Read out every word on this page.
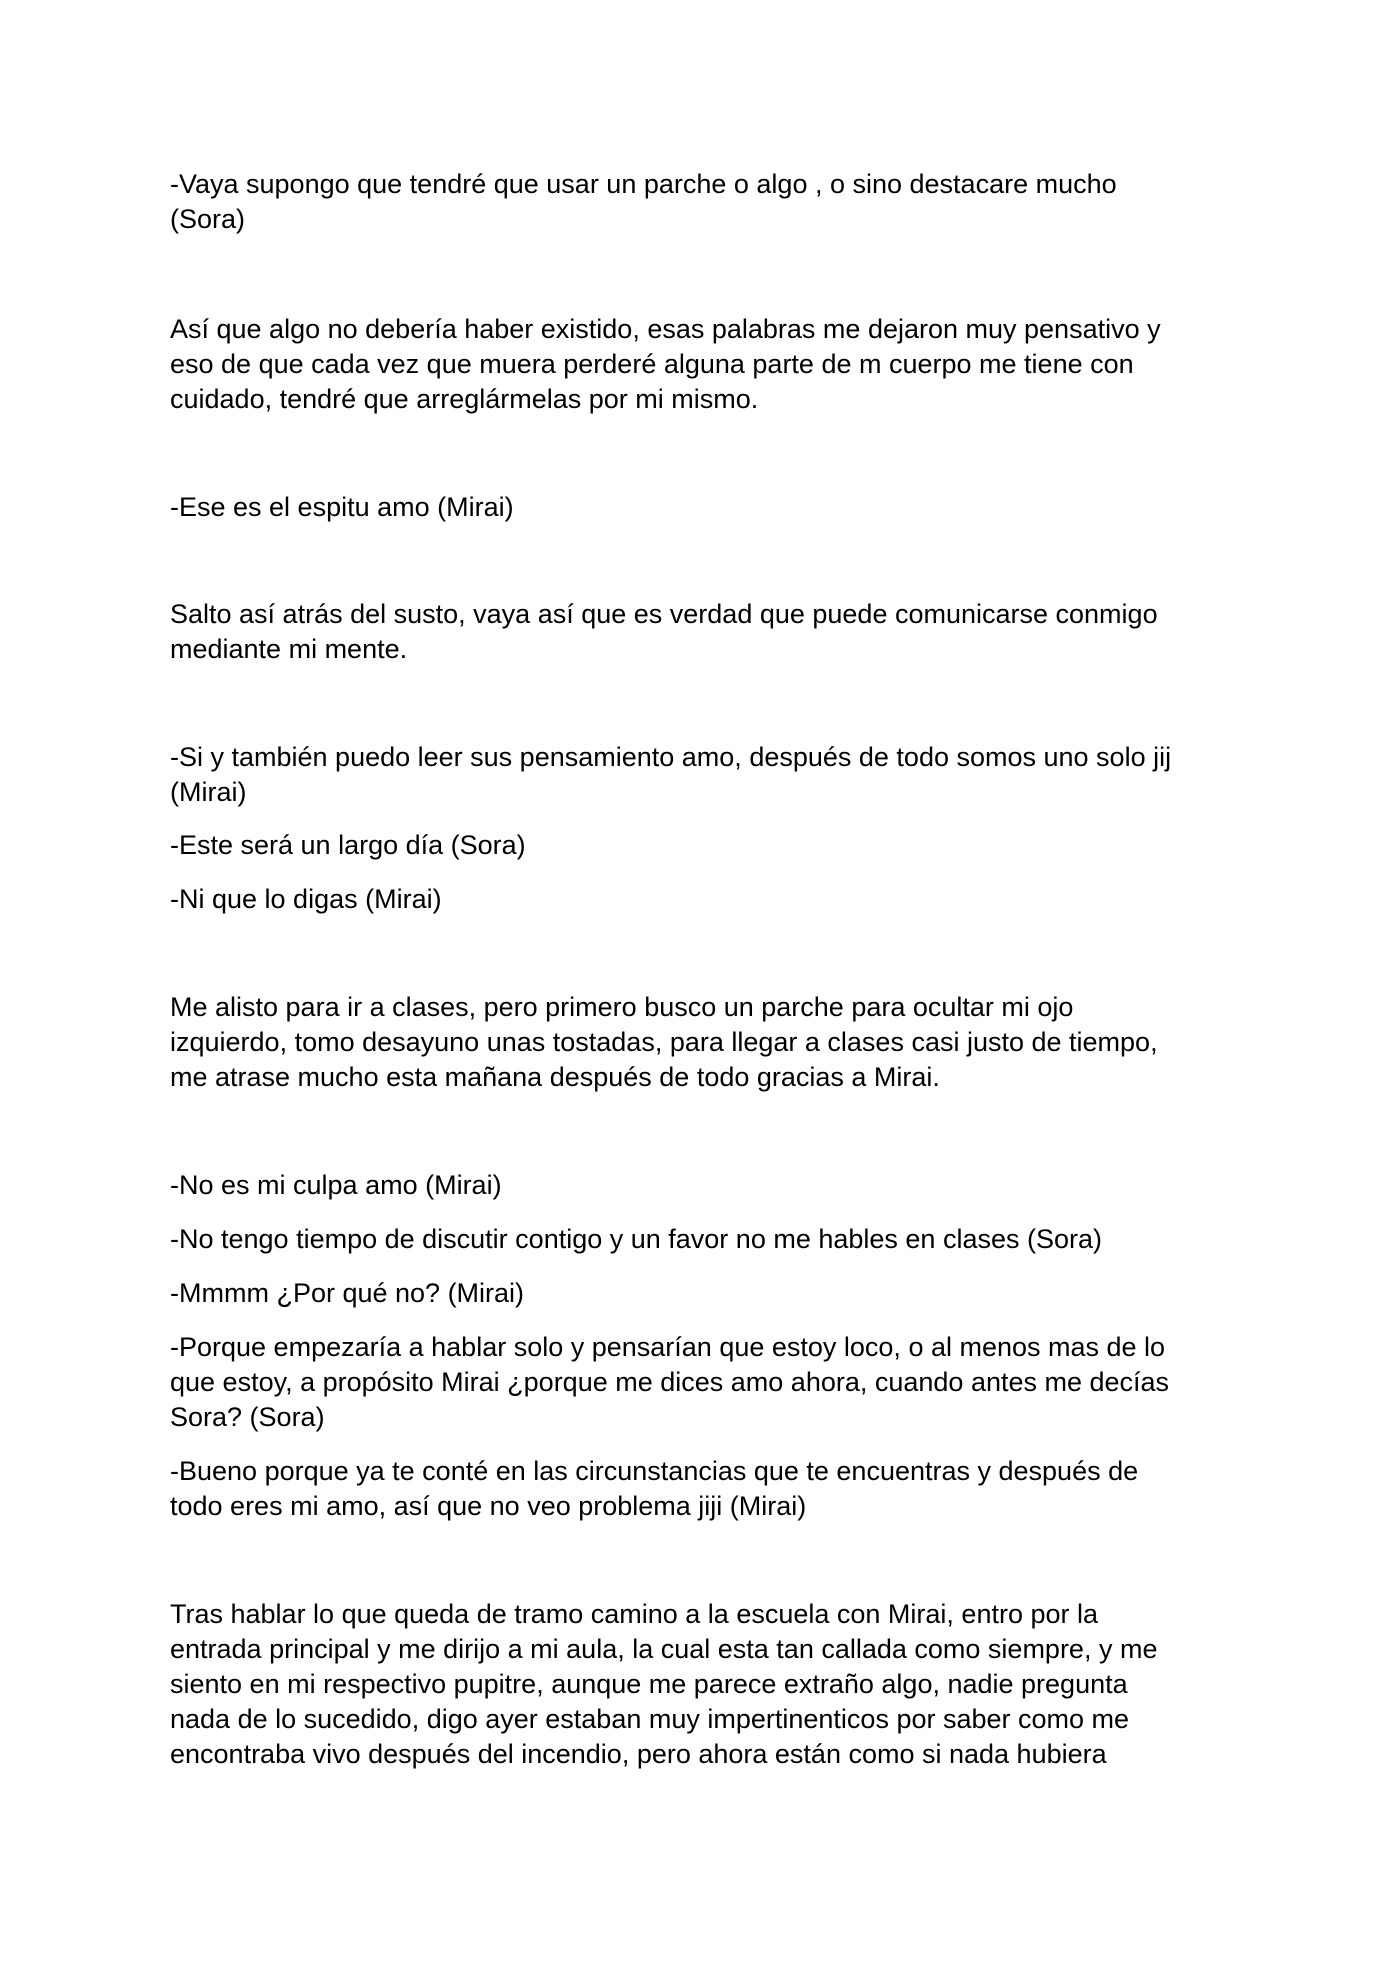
-Vaya supongo que tendré que usar un parche o algo , o sino destacare mucho
(Sora)

Así que algo no debería haber existido, esas palabras me dejaron muy pensativo y
eso de que cada vez que muera perderé alguna parte de m cuerpo me tiene con
cuidado, tendré que arreglármelas por mi mismo.

-Ese es el espitu amo (Mirai)

Salto así atrás del susto, vaya así que es verdad que puede comunicarse conmigo
mediante mi mente.

-Si y también puedo leer sus pensamiento amo, después de todo somos uno solo jij
(Mirai)

-Este será un largo día (Sora)

-Ni que lo digas (Mirai)

Me alisto para ir a clases, pero primero busco un parche para ocultar mi ojo
izquierdo, tomo desayuno unas tostadas, para llegar a clases casi justo de tiempo,
me atrase mucho esta mañana después de todo gracias a Mirai.

-No es mi culpa amo (Mirai)

-No tengo tiempo de discutir contigo y un favor no me hables en clases (Sora)

-Mmmm ¿Por qué no? (Mirai)

-Porque empezaría a hablar solo y pensarían que estoy loco, o al menos mas de lo
que estoy, a propósito Mirai ¿porque me dices amo ahora, cuando antes me decías
Sora? (Sora)

-Bueno porque ya te conté en las circunstancias que te encuentras y después de
todo eres mi amo, así que no veo problema jiji (Mirai)

Tras hablar lo que queda de tramo camino a la escuela con Mirai, entro por la
entrada principal y me dirijo a mi aula, la cual esta tan callada como siempre, y me
siento en mi respectivo pupitre, aunque me parece extraño algo, nadie pregunta
nada de lo sucedido, digo ayer estaban muy impertinenticos por saber como me
encontraba vivo después del incendio, pero ahora están como si nada hubiera
